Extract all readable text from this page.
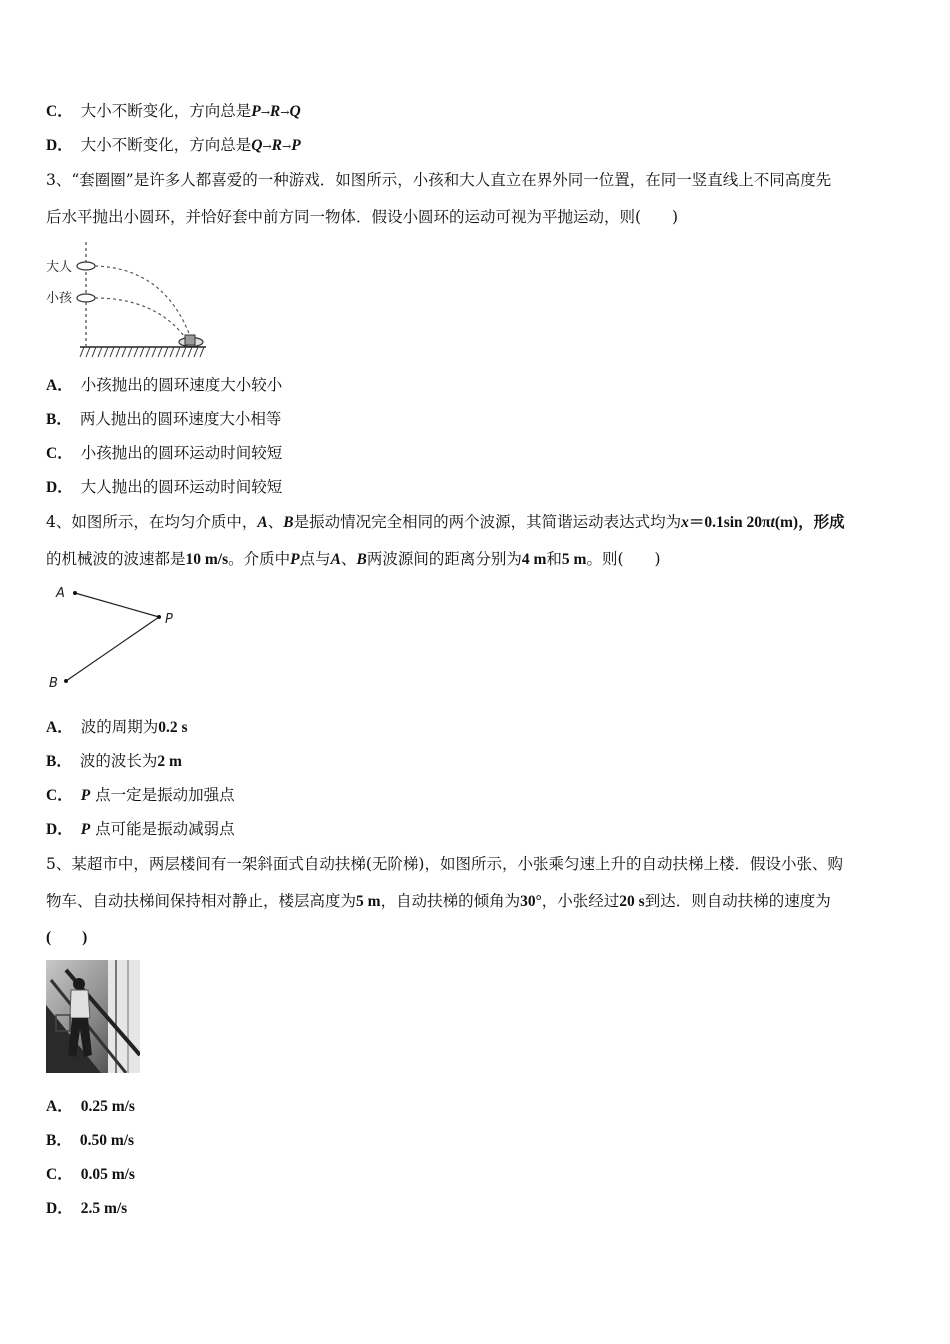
C． 大小不断变化，方向总是P→R→Q
D． 大小不断变化，方向总是Q→R→P
3、“套圈圈”是许多人都喜爱的一种游戏．如图所示，小孩和大人直立在界外同一位置，在同一竖直线上不同高度先
后水平抛出小圆环，并恰好套中前方同一物体．假设小圆环的运动可视为平抛运动，则(　　)
大人
小孩
A． 小孩抛出的圆环速度大小较小
B． 两人抛出的圆环速度大小相等
C． 小孩抛出的圆环运动时间较短
D． 大人抛出的圆环运动时间较短
4、如图所示，在均匀介质中，A、B是振动情况完全相同的两个波源，其简谐运动表达式均为x＝0.1sin 20πt(m)，形成
的机械波的波速都是10 m/s。介质中P点与A、B两波源间的距离分别为4 m和5 m。则(　　)
A
B
P
A． 波的周期为0.2 s
B． 波的波长为2 m
C． P 点一定是振动加强点
D． P 点可能是振动减弱点
5、某超市中，两层楼间有一架斜面式自动扶梯(无阶梯)，如图所示，小张乘匀速上升的自动扶梯上楼．假设小张、购
物车、自动扶梯间保持相对静止，楼层高度为5 m，自动扶梯的倾角为30°，小张经过20 s到达．则自动扶梯的速度为
(　　)
A． 0.25 m/s
B． 0.50 m/s
C． 0.05 m/s
D． 2.5 m/s
